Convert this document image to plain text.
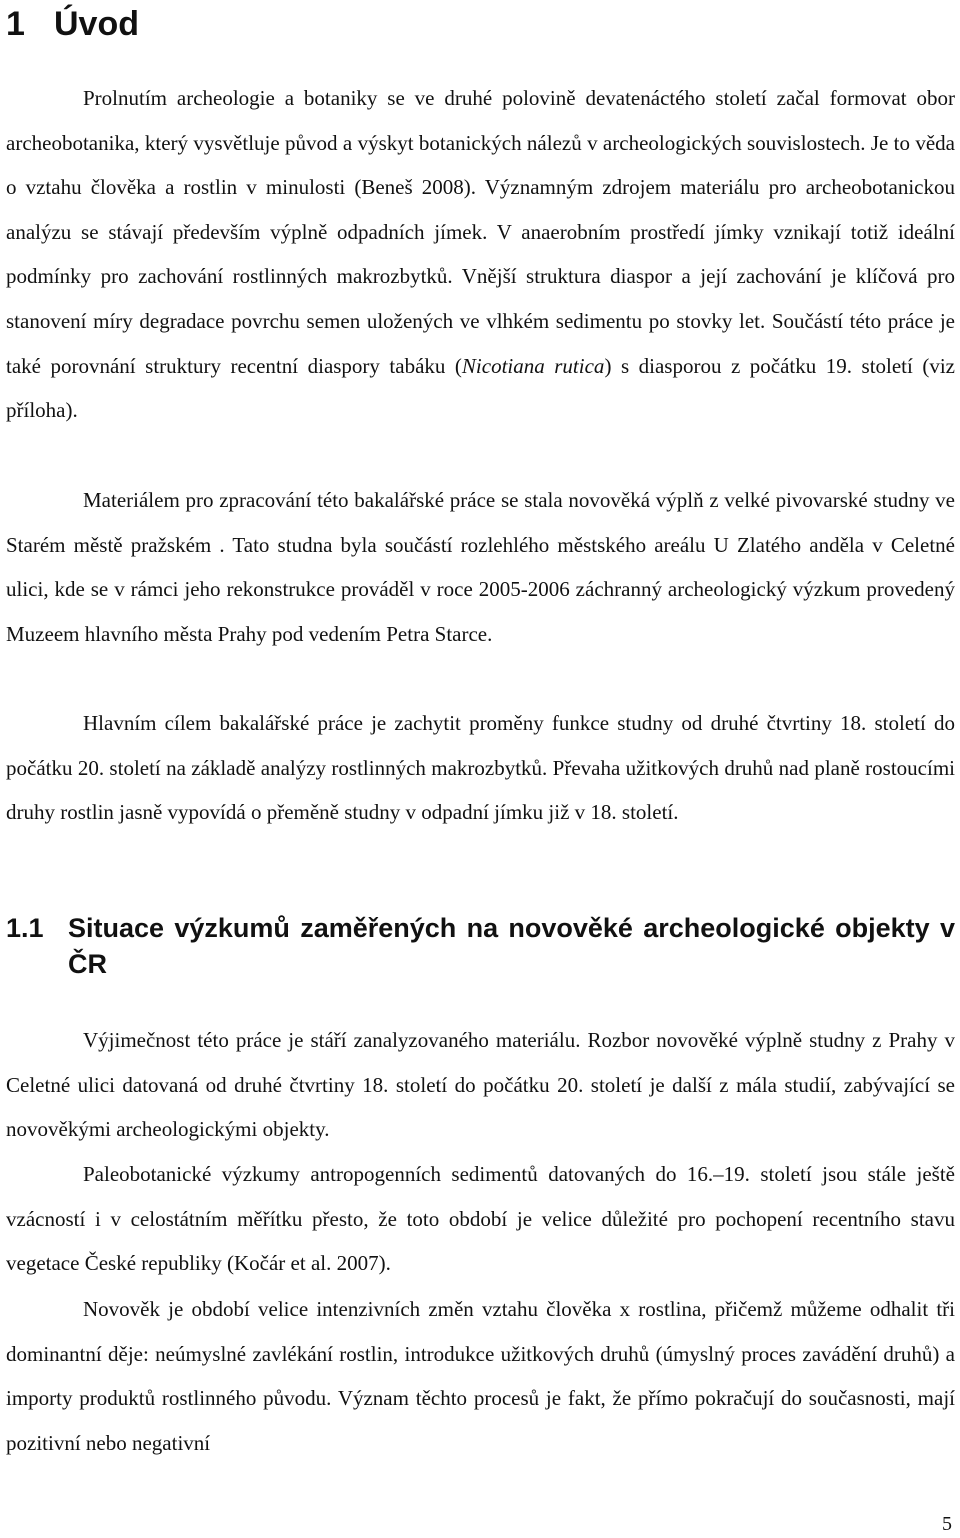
1 Úvod

Prolnutím archeologie a botaniky se ve druhé polovině devatenáctého století začal formovat obor archeobotanika, který vysvětluje původ a výskyt botanických nálezů v archeologických souvislostech. Je to věda o vztahu člověka a rostlin v minulosti (Beneš 2008). Významným zdrojem materiálu pro archeobotanickou analýzu se stávají především výplně odpadních jímek. V anaerobním prostředí jímky vznikají totiž ideální podmínky pro zachování rostlinných makrozbytků. Vnější struktura diaspor a její zachování je klíčová pro stanovení míry degradace povrchu semen uložených ve vlhkém sedimentu po stovky let. Součástí této práce je také porovnání struktury recentní diaspory tabáku (Nicotiana rutica) s diasporou z počátku 19. století (viz příloha).

Materiálem pro zpracování této bakalářské práce se stala novověká výplň z velké pivovarské studny ve Starém městě pražském . Tato studna byla součástí rozlehlého městského areálu U Zlatého anděla v Celetné ulici, kde se v rámci jeho rekonstrukce prováděl v roce 2005-2006 záchranný archeologický výzkum provedený Muzeem hlavního města Prahy pod vedením Petra Starce.

Hlavním cílem bakalářské práce je zachytit proměny funkce studny od druhé čtvrtiny 18. století do počátku 20. století na základě analýzy rostlinných makrozbytků. Převaha užitkových druhů nad planě rostoucími druhy rostlin jasně vypovídá o přeměně studny v odpadní jímku již v 18. století.

1.1 Situace výzkumů zaměřených na novověké archeologické objekty v ČR

Výjimečnost této práce je stáří zanalyzovaného materiálu. Rozbor novověké výplně studny z Prahy v Celetné ulici datovaná od druhé čtvrtiny 18. století do počátku 20. století je další z mála studií, zabývající se novověkými archeologickými objekty.

Paleobotanické výzkumy antropogenních sedimentů datovaných do 16.–19. století jsou stále ještě vzácností i v celostátním měřítku přesto, že toto období je velice důležité pro pochopení recentního stavu vegetace České republiky (Kočár et al. 2007).

Novověk je období velice intenzivních změn vztahu člověka x rostlina, přičemž můžeme odhalit tři dominantní děje: neúmyslné zavlékání rostlin, introdukce užitkových druhů (úmyslný proces zavádění druhů) a importy produktů rostlinného původu. Význam těchto procesů je fakt, že přímo pokračují do současnosti, mají pozitivní nebo negativní

5
